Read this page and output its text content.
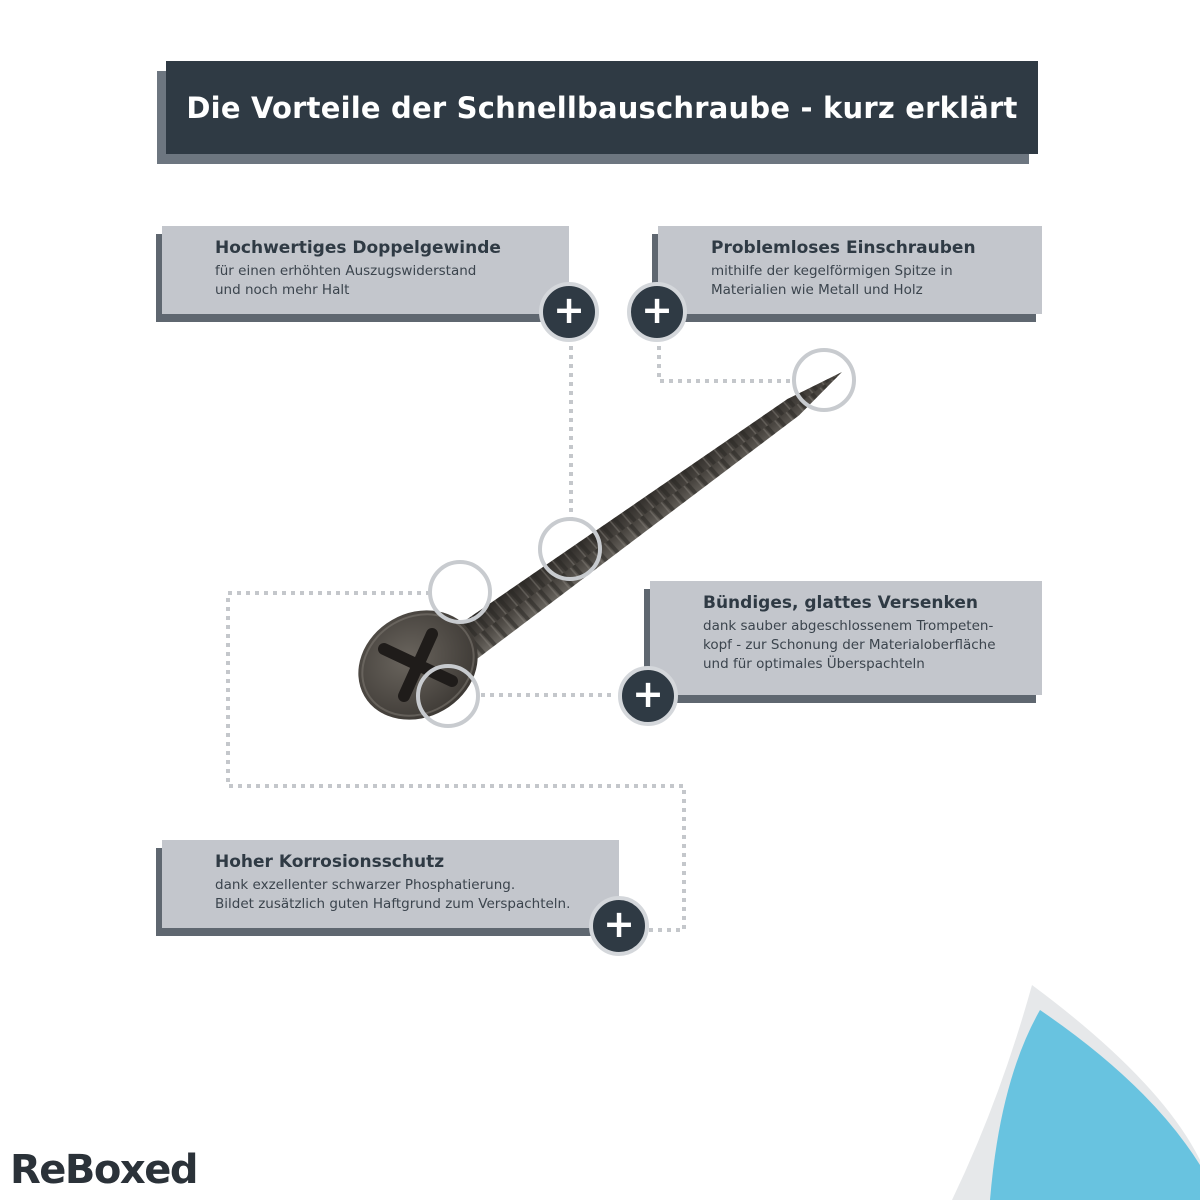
Die Vorteile der Schnellbauschraube - kurz erklärt
Hochwertiges Doppelgewinde
für einen erhöhten Auszugswiderstand
und noch mehr Halt	+
Problemloses Einschrauben
mithilfe der kegelförmigen Spitze in
Materialien wie Metall und Holz
+
Bündiges, glattes Versenken
dank sauber abgeschlossenem Trompeten-
kopf - zur Schonung der Materialoberfläche
und für optimales Überspachteln
+
Hoher Korrosionsschutz
dank exzellenter schwarzer Phosphatierung.
Bildet zusätzlich guten Haftgrund zum Verspachteln. +
ReBoxed
